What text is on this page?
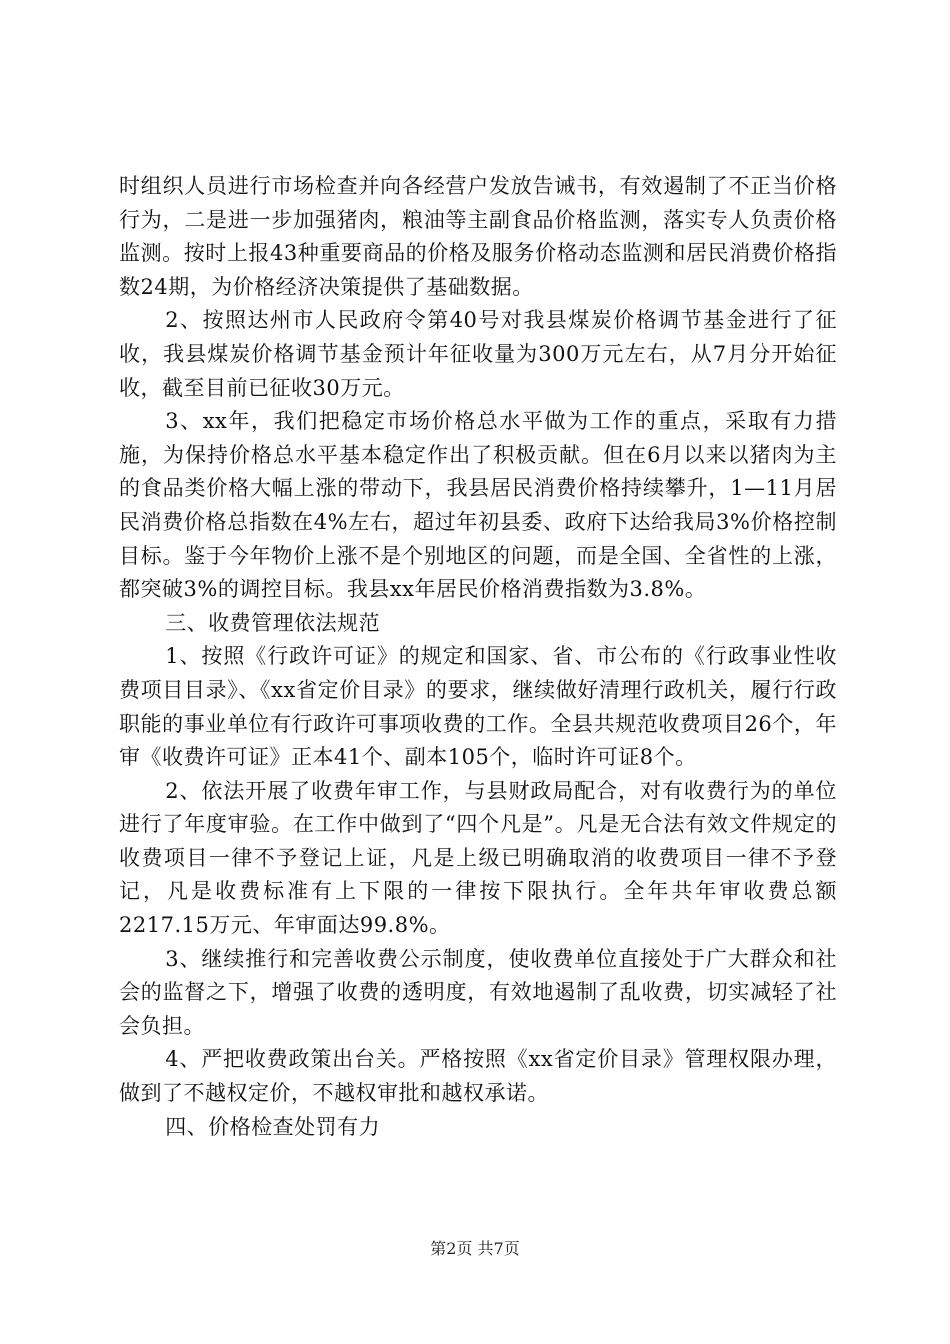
时组织人员进行市场检查并向各经营户发放告诫书，有效遏制了不正当价格行为，二是进一步加强猪肉，粮油等主副食品价格监测，落实专人负责价格监测。按时上报43种重要商品的价格及服务价格动态监测和居民消费价格指数24期，为价格经济决策提供了基础数据。

2、按照达州市人民政府令第40号对我县煤炭价格调节基金进行了征收，我县煤炭价格调节基金预计年征收量为300万元左右，从7月分开始征收，截至目前已征收30万元。

3、xx年，我们把稳定市场价格总水平做为工作的重点，采取有力措施，为保持价格总水平基本稳定作出了积极贡献。但在6月以来以猪肉为主的食品类价格大幅上涨的带动下，我县居民消费价格持续攀升，1—11月居民消费价格总指数在4%左右，超过年初县委、政府下达给我局3%价格控制目标。鉴于今年物价上涨不是个别地区的问题，而是全国、全省性的上涨，都突破3%的调控目标。我县xx年居民价格消费指数为3.8%。

三、收费管理依法规范

1、按照《行政许可证》的规定和国家、省、市公布的《行政事业性收费项目目录》、《xx省定价目录》的要求，继续做好清理行政机关，履行行政职能的事业单位有行政许可事项收费的工作。全县共规范收费项目26个，年审《收费许可证》正本41个、副本105个，临时许可证8个。

2、依法开展了收费年审工作，与县财政局配合，对有收费行为的单位进行了年度审验。在工作中做到了“四个凡是”。凡是无合法有效文件规定的收费项目一律不予登记上证，凡是上级已明确取消的收费项目一律不予登记，凡是收费标准有上下限的一律按下限执行。全年共年审收费总额2217.15万元、年审面达99.8%。

3、继续推行和完善收费公示制度，使收费单位直接处于广大群众和社会的监督之下，增强了收费的透明度，有效地遏制了乱收费，切实减轻了社会负担。

4、严把收费政策出台关。严格按照《xx省定价目录》管理权限办理，做到了不越权定价，不越权审批和越权承诺。

四、价格检查处罚有力

第2页 共7页
